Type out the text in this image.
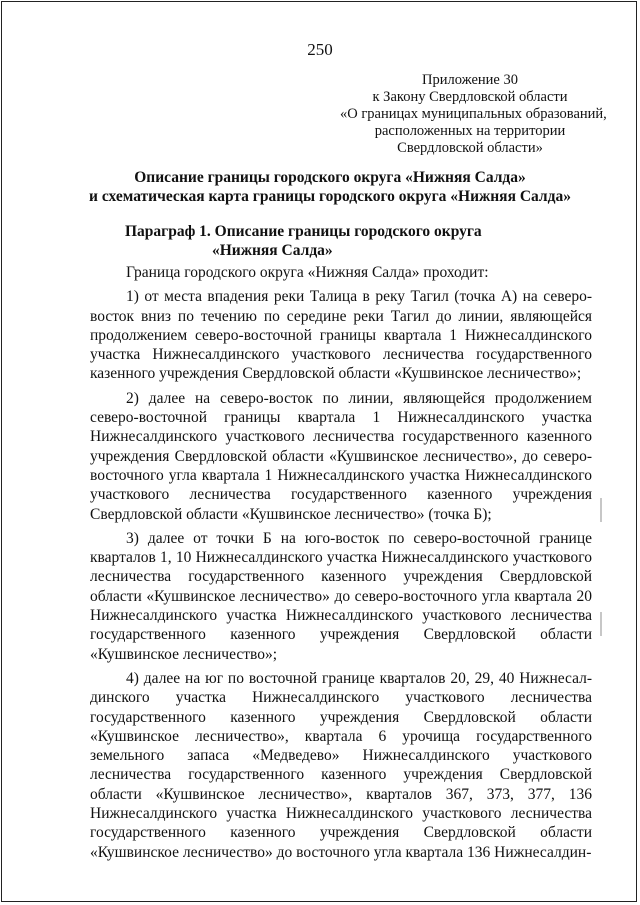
250
Приложение 30
к Закону Свердловской области
«О границах муниципальных образований,
расположенных на территории
Свердловской области»
Описание границы городского округа «Нижняя Салда»
и схематическая карта границы городского округа «Нижняя Салда»
Параграф 1. Описание границы городского округа
«Нижняя Салда»

Граница городского округа «Нижняя Салда» проходит:

1) от места впадения реки Талица в реку Тагил (точка А) на северо-восток вниз по течению по середине реки Тагил до линии, являющейся продолжением северо-восточной границы квартала 1 Нижнесалдинского участка Нижнесалдинского участкового лесничества государственного казенного учреждения Свердловской области «Кушвинское лесничество»;

2) далее на северо-восток по линии, являющейся продолжением северо-восточной границы квартала 1 Нижнесалдинского участка Нижнесалдинского участкового лесничества государственного казенного учреждения Свердловской области «Кушвинское лесничество», до северо-восточного угла квартала 1 Нижнесалдинского участка Нижнесалдинского участкового лесничества государственного казенного учреждения Свердловской области «Кушвинское лесничество» (точка Б);

3) далее от точки Б на юго-восток по северо-восточной границе кварталов 1, 10 Нижнесалдинского участка Нижнесалдинского участкового лесничества государственного казенного учреждения Свердловской области «Кушвинское лесничество» до северо-восточного угла квартала 20 Нижнесалдинского участка Нижнесалдинского участкового лесничества государственного казенного учреждения Свердловской области «Кушвинское лесничество»;

4) далее на юг по восточной границе кварталов 20, 29, 40 Нижнесалдинского участка Нижнесалдинского участкового лесничества государственного казенного учреждения Свердловской области «Кушвинское лесничество», квартала 6 урочища государственного земельного запаса «Медведево» Нижнесалдинского участкового лесничества государственного казенного учреждения Свердловской области «Кушвинское лесничество», кварталов 367, 373, 377, 136 Нижнесалдинского участка Нижнесалдинского участкового лесничества государственного казенного учреждения Свердловской области «Кушвинское лесничество» до восточного угла квартала 136 Нижнесалдин-
